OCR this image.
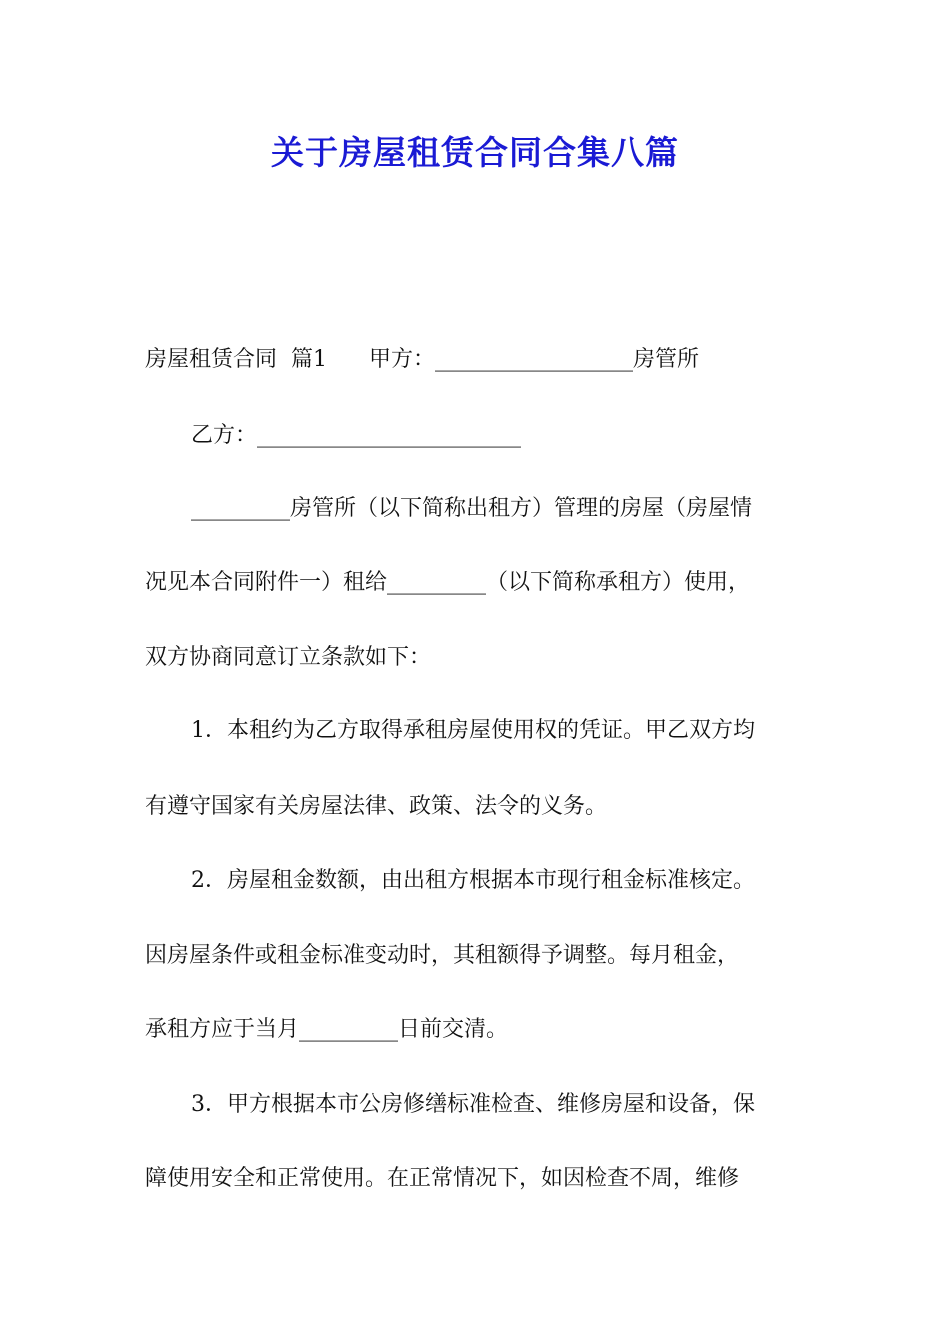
关于房屋租赁合同合集八篇
房屋租赁合同  篇1      甲方：__________________房管所
乙方：________________________
_________房管所（以下简称出租方）管理的房屋（房屋情
况见本合同附件一）租给_________（以下简称承租方）使用，
双方协商同意订立条款如下：
1．本租约为乙方取得承租房屋使用权的凭证。甲乙双方均
有遵守国家有关房屋法律、政策、法令的义务。
2．房屋租金数额，由出租方根据本市现行租金标准核定。
因房屋条件或租金标准变动时，其租额得予调整。每月租金，
承租方应于当月_________日前交清。
3．甲方根据本市公房修缮标准检查、维修房屋和设备，保
障使用安全和正常使用。在正常情况下，如因检查不周，维修
